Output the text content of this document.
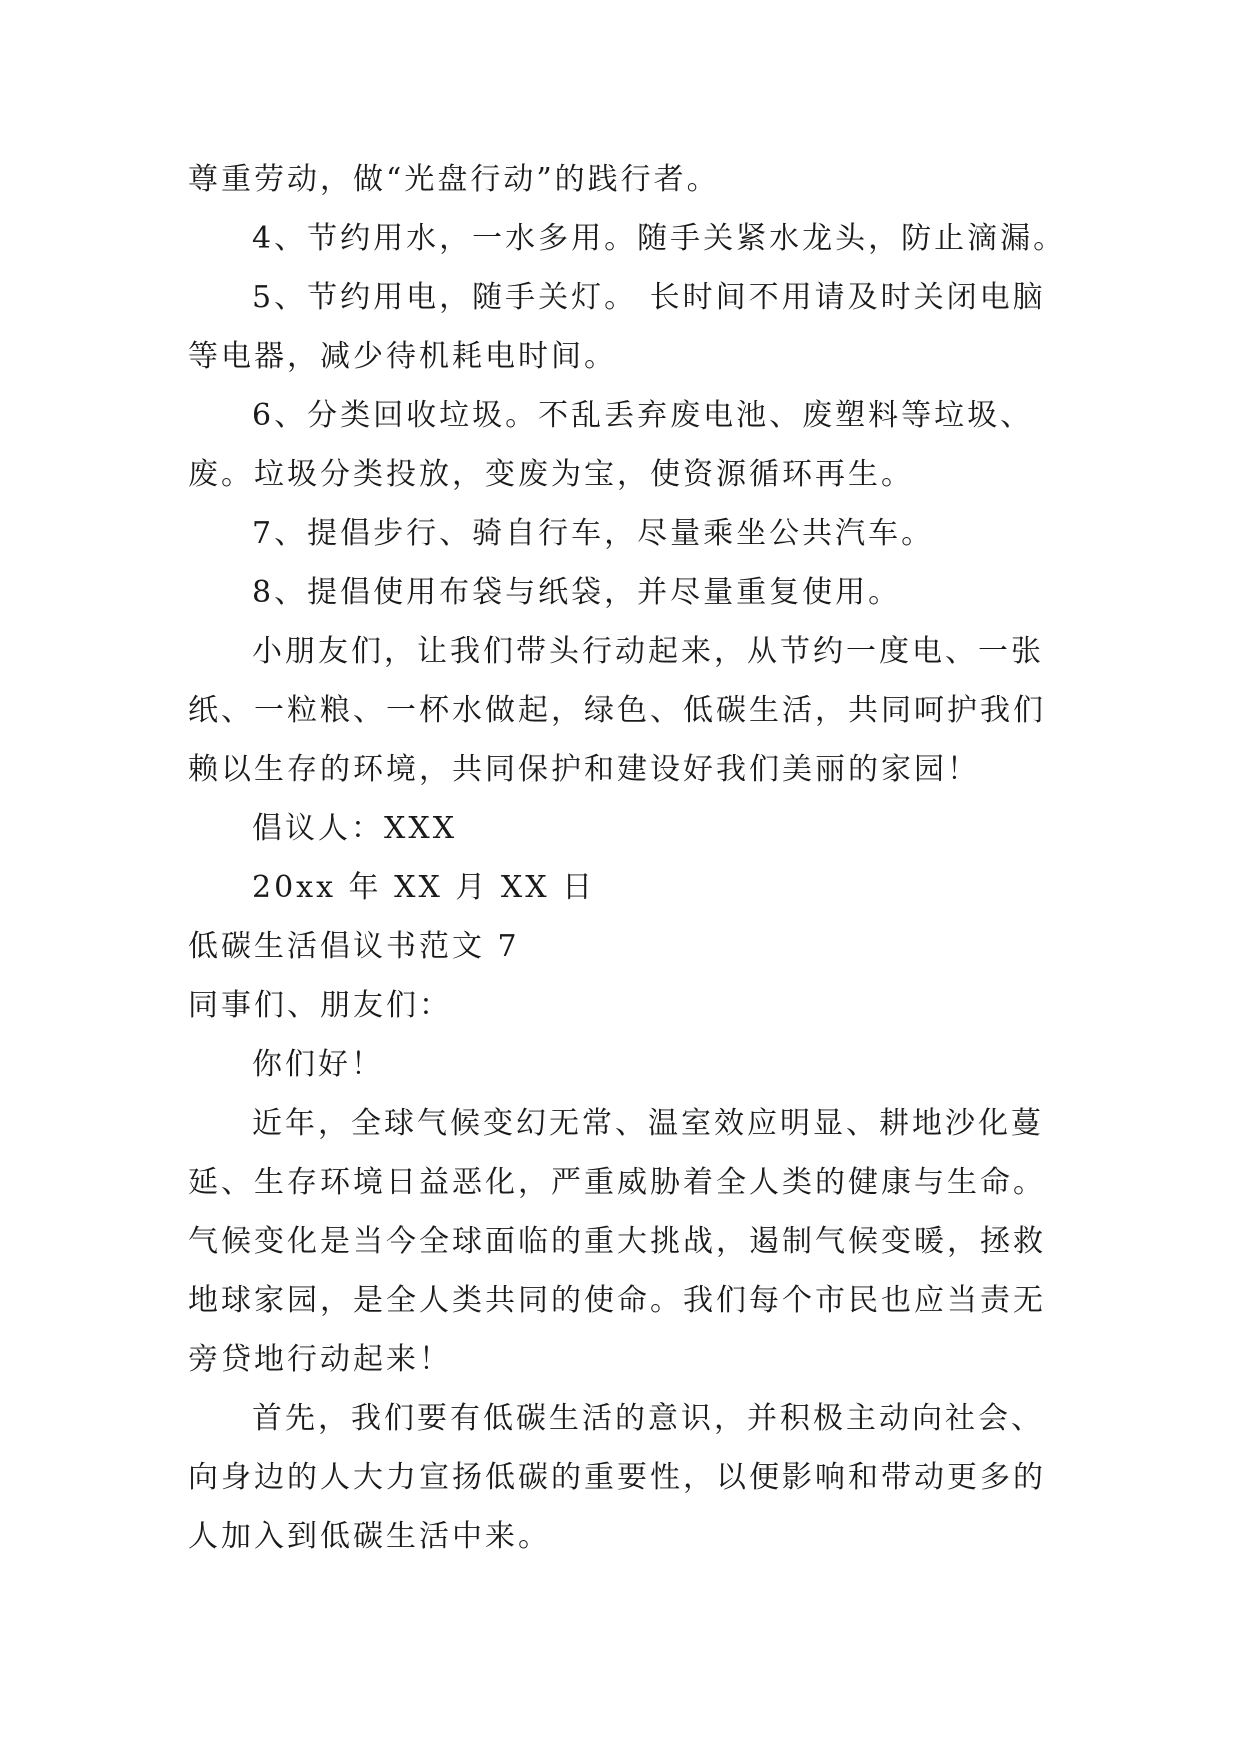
尊重劳动，做“光盘行动”的践行者。
4、节约用水，一水多用。随手关紧水龙头，防止滴漏。
5、节约用电，随手关灯。 长时间不用请及时关闭电脑
等电器，减少待机耗电时间。
6、分类回收垃圾。不乱丢弃废电池、废塑料等垃圾、
废。垃圾分类投放，变废为宝，使资源循环再生。
7、提倡步行、骑自行车，尽量乘坐公共汽车。
8、提倡使用布袋与纸袋，并尽量重复使用。
小朋友们，让我们带头行动起来，从节约一度电、一张
纸、一粒粮、一杯水做起，绿色、低碳生活，共同呵护我们
赖以生存的环境，共同保护和建设好我们美丽的家园！
倡议人：XXX
20xx 年 XX 月 XX 日
低碳生活倡议书范文 7
同事们、朋友们：
你们好！
近年，全球气候变幻无常、温室效应明显、耕地沙化蔓
延、生存环境日益恶化，严重威胁着全人类的健康与生命。
气候变化是当今全球面临的重大挑战，遏制气候变暖，拯救
地球家园，是全人类共同的使命。我们每个市民也应当责无
旁贷地行动起来！
首先，我们要有低碳生活的意识，并积极主动向社会、
向身边的人大力宣扬低碳的重要性，以便影响和带动更多的
人加入到低碳生活中来。
